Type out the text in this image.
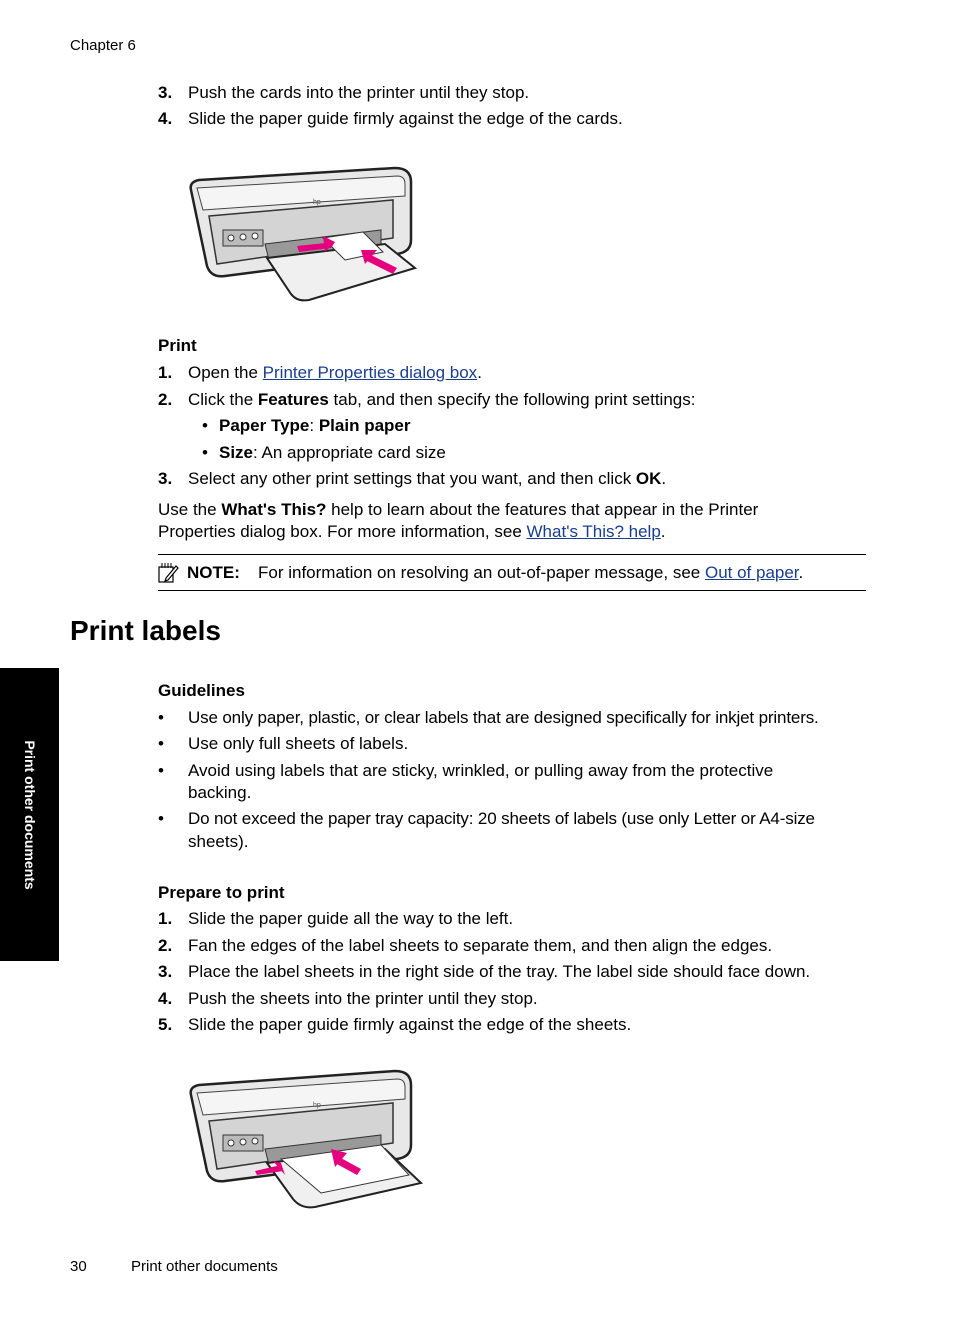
Chapter 6
3. Push the cards into the printer until they stop.
4. Slide the paper guide firmly against the edge of the cards.
hp
Print
1. Open the Printer Properties dialog box.
2. Click the Features tab, and then specify the following print settings:
• Paper Type: Plain paper
• Size: An appropriate card size
3. Select any other print settings that you want, and then click OK.
Use the What's This? help to learn about the features that appear in the Printer
Properties dialog box. For more information, see What's This? help.
NOTE: For information on resolving an out-of-paper message, see Out of paper.
Print labels
Print other documents
Guidelines
• Use only paper, plastic, or clear labels that are designed specifically for inkjet printers.
• Use only full sheets of labels.
• Avoid using labels that are sticky, wrinkled, or pulling away from the protective
backing.
• Do not exceed the paper tray capacity: 20 sheets of labels (use only Letter or A4-size
sheets).
Prepare to print
1. Slide the paper guide all the way to the left.
2. Fan the edges of the label sheets to separate them, and then align the edges.
3. Place the label sheets in the right side of the tray. The label side should face down.
4. Push the sheets into the printer until they stop.
5. Slide the paper guide firmly against the edge of the sheets.
hp
30	Print other documents
